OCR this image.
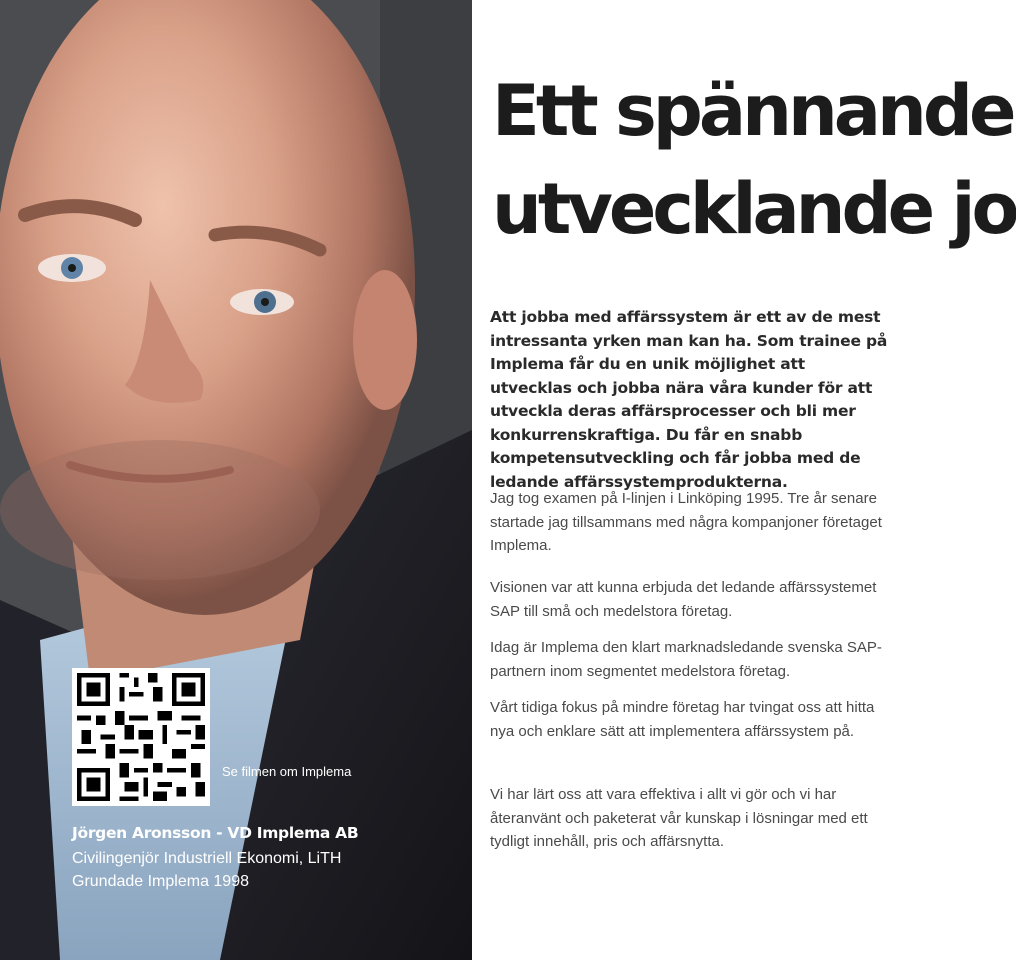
Se filmen om Implema
Jörgen Aronsson - VD Implema AB
Civilingenjör Industriell Ekonomi, LiTH
Grundade Implema 1998
Ett spännande
utvecklande jo

Att jobba med affärssystem är ett av de mest intressanta yrken man kan ha. Som trainee på Implema får du en unik möjlighet att utvecklas och jobba nära våra kunder för att utveckla deras affärsprocesser och bli mer konkurrenskraftiga. Du får en snabb kompetensutveckling och får jobba med de ledande affärssystemprodukterna.

Jag tog examen på I-linjen i Linköping 1995. Tre år senare startade jag tillsammans med några kompanjoner företaget Implema.

Visionen var att kunna erbjuda det ledande affärssystemet SAP till små och medelstora företag.

Idag är Implema den klart marknadsledande svenska SAP-partnern inom segmentet medelstora företag.

Vårt tidiga fokus på mindre företag har tvingat oss att hitta nya och enklare sätt att implementera affärssystem på.

Vi har lärt oss att vara effektiva i allt vi gör och vi har återanvänt och paketerat vår kunskap i lösningar med ett tydligt innehåll, pris och affärsnytta.
